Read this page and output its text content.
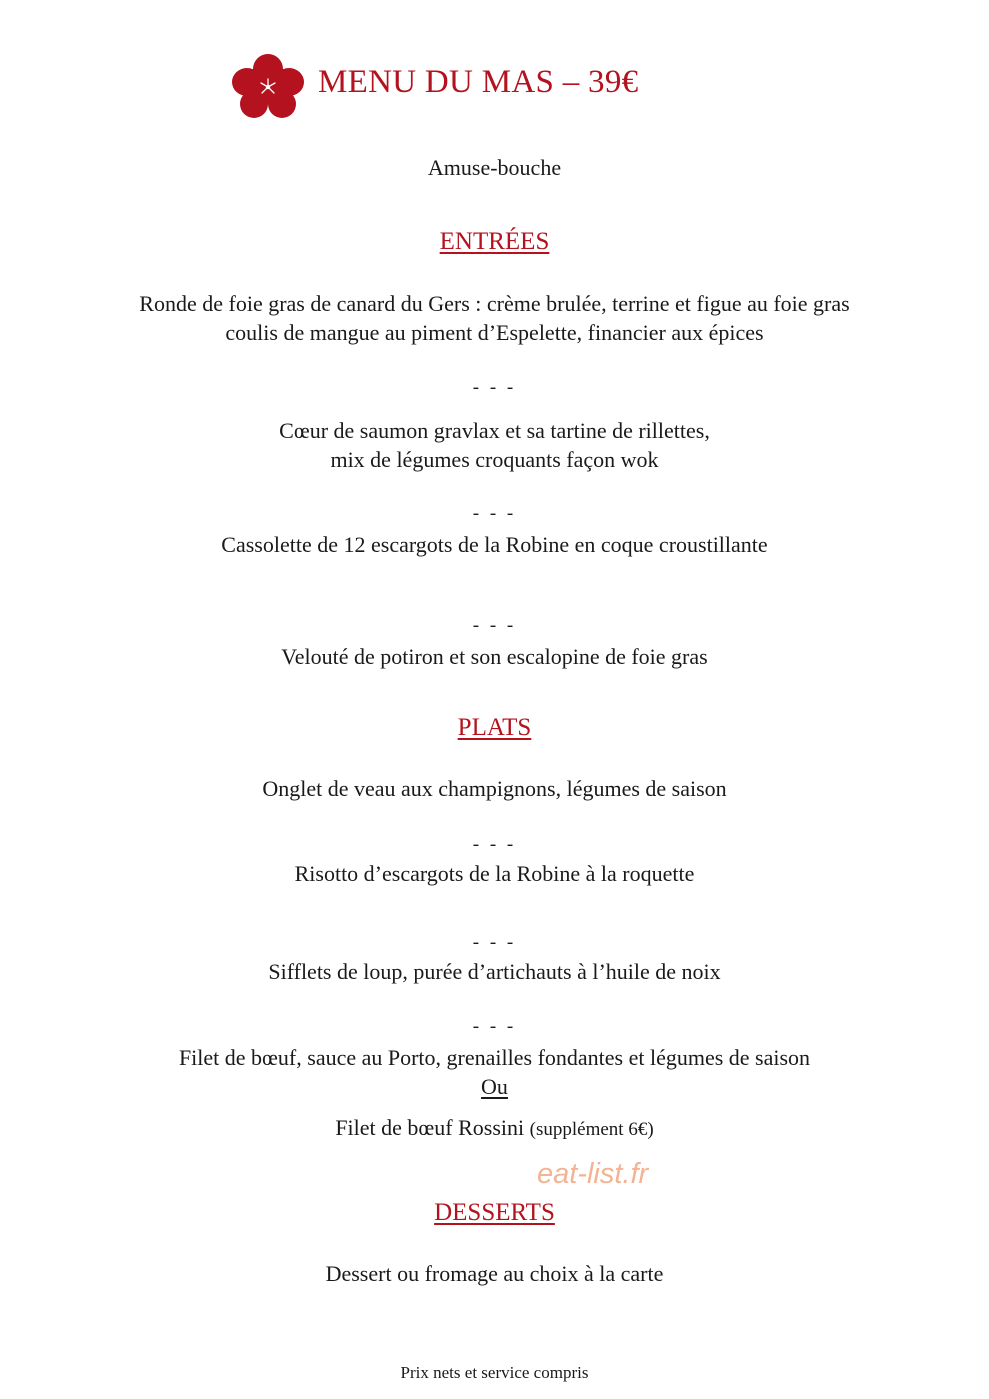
MENU DU MAS – 39€
Amuse-bouche
ENTRÉES
Ronde de foie gras de canard du Gers : crème brulée, terrine et figue au foie gras
coulis de mangue au piment d’Espelette, financier aux épices
- - -
Cœur de saumon gravlax et sa tartine de rillettes,
mix de légumes croquants façon wok
- - -
Cassolette de 12 escargots de la Robine en coque croustillante
- - -
Velouté de potiron et son escalopine de foie gras
PLATS
Onglet de veau aux champignons, légumes de saison
- - -
Risotto d’escargots de la Robine à la roquette
- - -
Sifflets de loup, purée d’artichauts à l’huile de noix
- - -
Filet de bœuf, sauce au Porto, grenailles fondantes et légumes de saison
Ou
Filet de bœuf Rossini (supplément 6€)
eat-list.fr
DESSERTS
Dessert ou fromage au choix à la carte
Prix nets et service compris
